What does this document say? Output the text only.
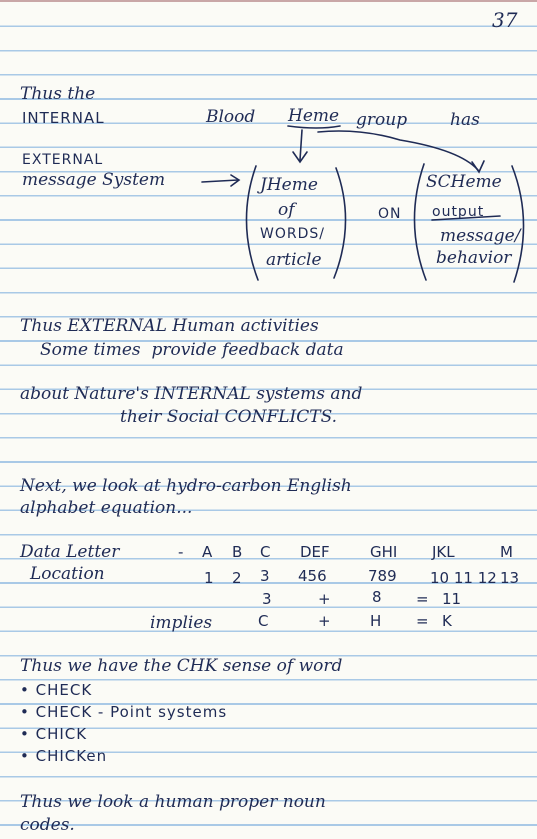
37
Thus the
INTERNAL	Blood Heme group	has
EXTERNAL
message System	JHeme	SCHeme
of	ON output
WORDS/	message/
article	behavior
Thus EXTERNAL Human activities
Some times  provide feedback data
about Nature's INTERNAL systems and
their Social CONFLICTS.
Next, we look at hydro-carbon English
alphabet equation...
Data Letter	- A B C DEF	GHI JKL	M
Location	1 2 3 456	789 10 11 12 13
3	+	8 = 11
implies	C	+	H = K
Thus we have the CHK sense of word
• CHECK
• CHECK - Point systems
• CHICK
• CHICKen
Thus we look a human proper noun
codes.
